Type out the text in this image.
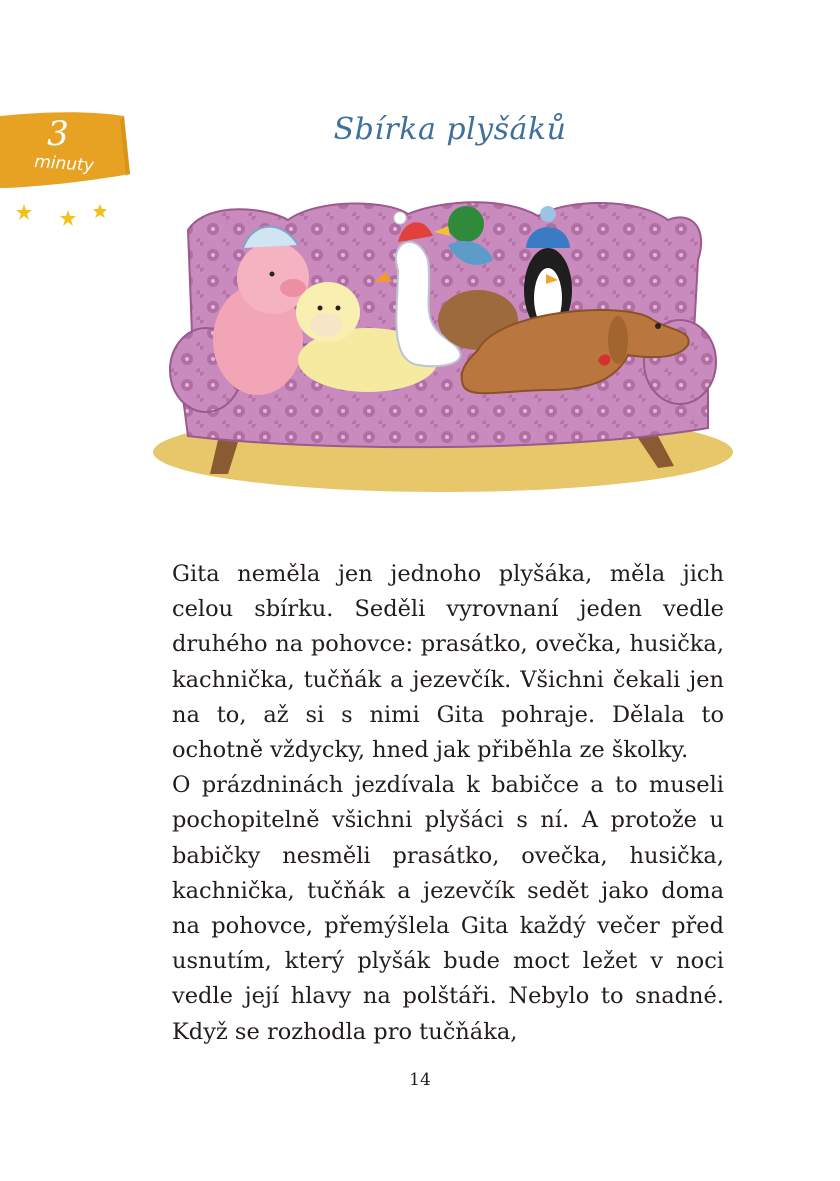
3
minuty
Sbírka plyšáků

Gita neměla jen jednoho plyšáka, měla jich celou sbírku. Seděli vyrovnaní jeden vedle druhého na pohovce: prasátko, ovečka, husička, kachnička, tučňák a jezevčík. Všichni čekali jen na to, až si s nimi Gita pohraje. Dělala to ochotně vždycky, hned jak přiběhla ze školky.

O prázdninách jezdívala k babičce a to museli pochopitelně všichni plyšáci s ní. A protože u babičky nesměli prasátko, ovečka, husička, kachnička, tučňák a jezevčík sedět jako doma na pohovce, přemýšlela Gita každý večer před usnutím, který plyšák bude moct ležet v noci vedle její hlavy na polštáři. Nebylo to snadné. Když se rozhodla pro tučňáka,

14
